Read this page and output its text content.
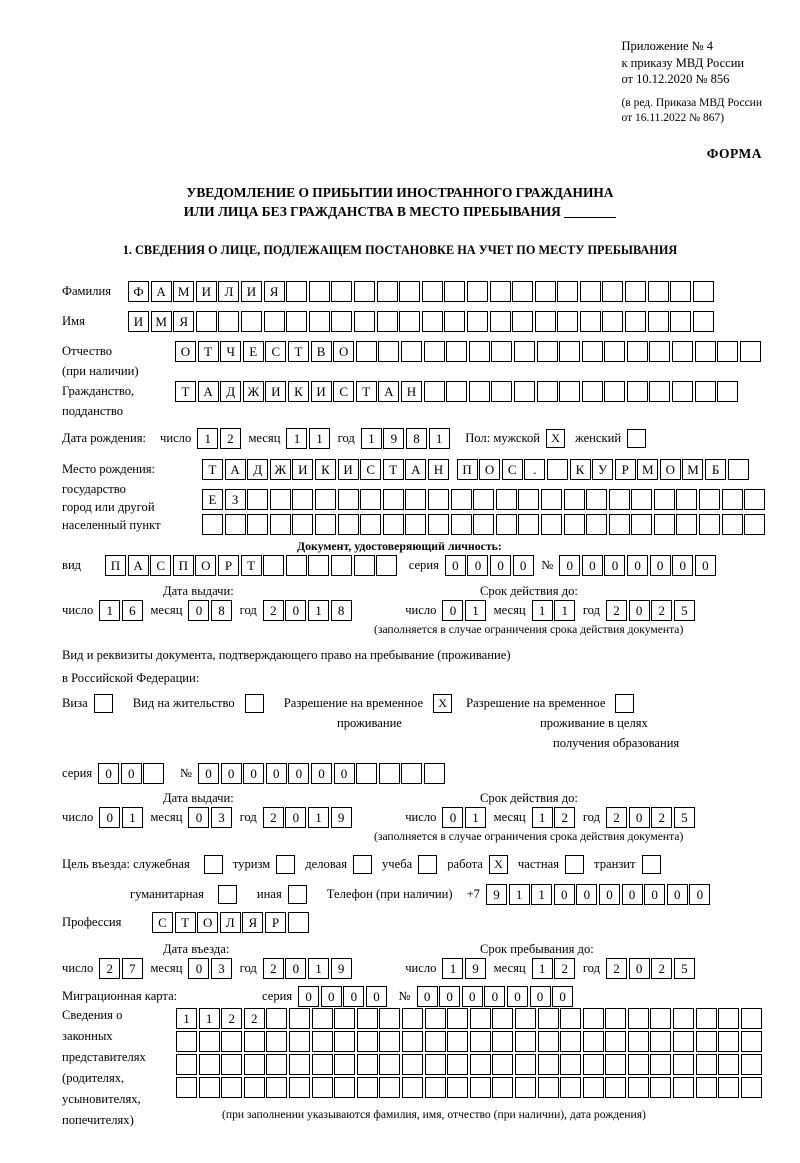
Приложение № 4
к приказу МВД России
от 10.12.2020 № 856
(в ред. Приказа МВД России
от 16.11.2022 № 867)
ФОРМА
УВЕДОМЛЕНИЕ О ПРИБЫТИИ ИНОСТРАННОГО ГРАЖДАНИНА
ИЛИ ЛИЦА БЕЗ ГРАЖДАНСТВА В МЕСТО ПРЕБЫВАНИЯ
1. СВЕДЕНИЯ О ЛИЦЕ, ПОДЛЕЖАЩЕМ ПОСТАНОВКЕ НА УЧЕТ ПО МЕСТУ ПРЕБЫВАНИЯ
Фамилия	Ф А М И	Л	И	Я
Имя	И М Я
Отчество	О	Т	Ч	Е	С	Т	В	О
(при наличии)
Гражданство,	Т	А	Д Ж И	К	И	С	Т	А	Н
подданство
Дата рождения: число	1	2	месяц	1	1	год	1	9	8	1	Пол: мужской X	женский
Место рождения:	Т	А	Д Ж И	К	И	С	Т	А	Н	П	О	С	.	К	У	Р	М О М	Б
государство
Е	З
город или другой
населенный пункт
Документ, удостоверяющий личность:
вид	П	А	С	П	О	Р	Т	серия	0	0	0	0	№	0	0	0	0	0	0	0
Дата выдачи:	Срок действия до:
число	1	6	месяц	0	8	год	2	0	1	8	число	0	1	месяц	1	1	год	2	0	2	5
(заполняется в случае ограничения срока действия документа)
Вид и реквизиты документа, подтверждающего право на пребывание (проживание)
в Российской Федерации:
Виза	Вид на жительство	Разрешение на временное	X	Разрешение на временное
проживание	проживание в целях
получения образования
серия	0	0	№	0	0	0	0	0	0	0
Дата выдачи:	Срок действия до:
число	0	1	месяц	0	3	год	2	0	1	9	число	0	1	месяц	1	2	год	2	0	2	5
(заполняется в случае ограничения срока действия документа)
Цель въезда: служебная	туризм	деловая	учеба	работа X	частная	транзит
гуманитарная	иная	Телефон (при наличии) +7	9	1	1	0	0	0	0	0	0	0
Профессия	С	Т	О	Л	Я	Р
Дата въезда:	Срок пребывания до:
число	2	7	месяц	0	3	год	2	0	1	9	число	1	9	месяц	1	2	год	2	0	2	5
Миграционная карта:	серия	0	0	0	0	№	0	0	0	0	0	0	0
Сведения о
законных
представителях
(родителях,
усыновителях,
попечителях)
1	1	2	2
(при заполнении указываются фамилия, имя, отчество (при наличии), дата рождения)
